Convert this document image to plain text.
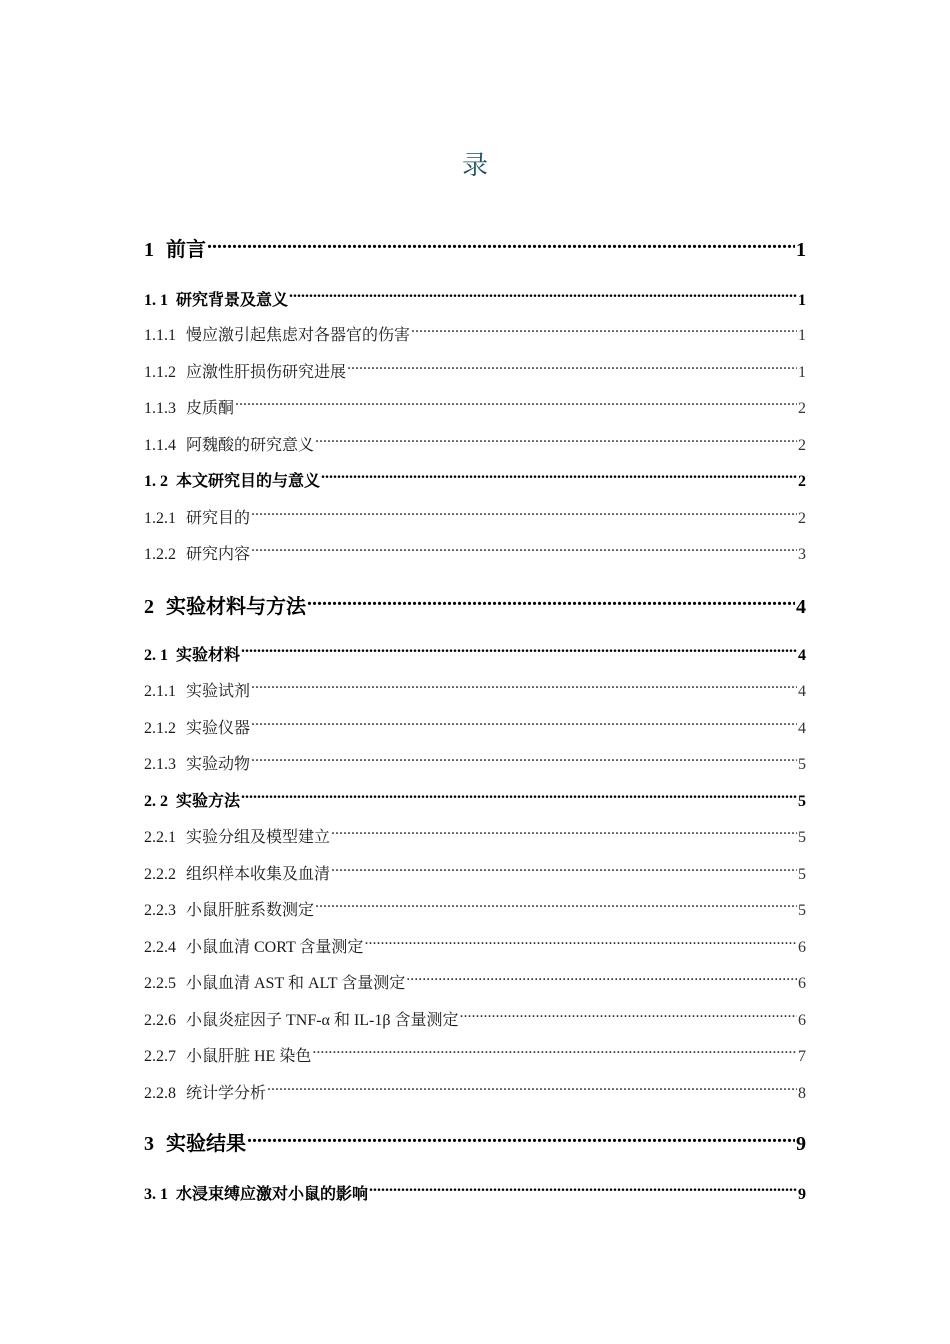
录
1 前言 .....	1
1. 1 研究背景及意义 .....	1
1.1.1 慢应激引起焦虑对各器官的伤害 .....	1
1.1.2 应激性肝损伤研究进展 .....	1
1.1.3 皮质酮 .....	2
1.1.4 阿魏酸的研究意义 .....	2
1. 2 本文研究目的与意义 .....	2
1.2.1 研究目的 .....	2
1.2.2 研究内容 .....	3
2 实验材料与方法 .....	4
2. 1 实验材料 .....	4
2.1.1 实验试剂 .....	4
2.1.2 实验仪器 .....	4
2.1.3 实验动物 .....	5
2. 2 实验方法 .....	5
2.2.1 实验分组及模型建立 .....	5
2.2.2 组织样本收集及血清 .....	5
2.2.3 小鼠肝脏系数测定 .....	5
2.2.4 小鼠血清 CORT 含量测定 .....	6
2.2.5 小鼠血清 AST 和 ALT 含量测定 .....	6
2.2.6 小鼠炎症因子 TNF-α 和 IL-1β 含量测定 .....	6
2.2.7 小鼠肝脏 HE 染色 .....	7
2.2.8 统计学分析 .....	8
3 实验结果 .....	9
3. 1 水浸束缚应激对小鼠的影响 .....	9
